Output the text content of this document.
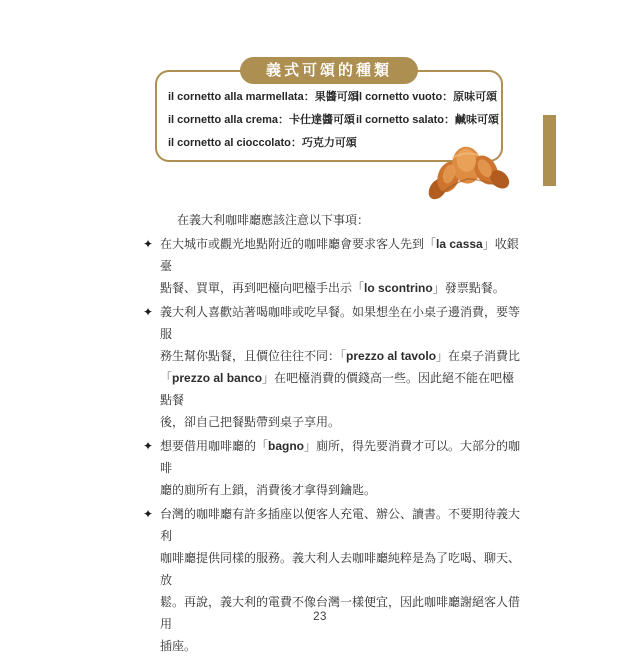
義式可頌的種類
il cornetto alla marmellata：果醬可頌
il cornetto vuoto：原味可頌
il cornetto alla crema：卡仕達醬可頌 il cornetto salato：鹹味可頌
il cornetto al cioccolato：巧克力可頌

在義大利咖啡廳應該注意以下事項：

✦ 在大城市或觀光地點附近的咖啡廳會要求客人先到「la cassa」收銀臺
點餐、買單，再到吧檯向吧檯手出示「lo scontrino」發票點餐。
✦ 義大利人喜歡站著喝咖啡或吃早餐。如果想坐在小桌子邊消費，要等服
務生幫你點餐，且價位往往不同：「prezzo al tavolo」在桌子消費比
「prezzo al banco」在吧檯消費的價錢高一些。因此絕不能在吧檯點餐
後，卻自己把餐點帶到桌子享用。
✦ 想要借用咖啡廳的「bagno」廁所，得先要消費才可以。大部分的咖啡
廳的廁所有上鎖，消費後才拿得到鑰匙。
✦ 台灣的咖啡廳有許多插座以便客人充電、辦公、讀書。不要期待義大利
咖啡廳提供同樣的服務。義大利人去咖啡廳純粹是為了吃喝、聊天、放
鬆。再說，義大利的電費不像台灣一樣便宜，因此咖啡廳謝絕客人借用
插座。
23
